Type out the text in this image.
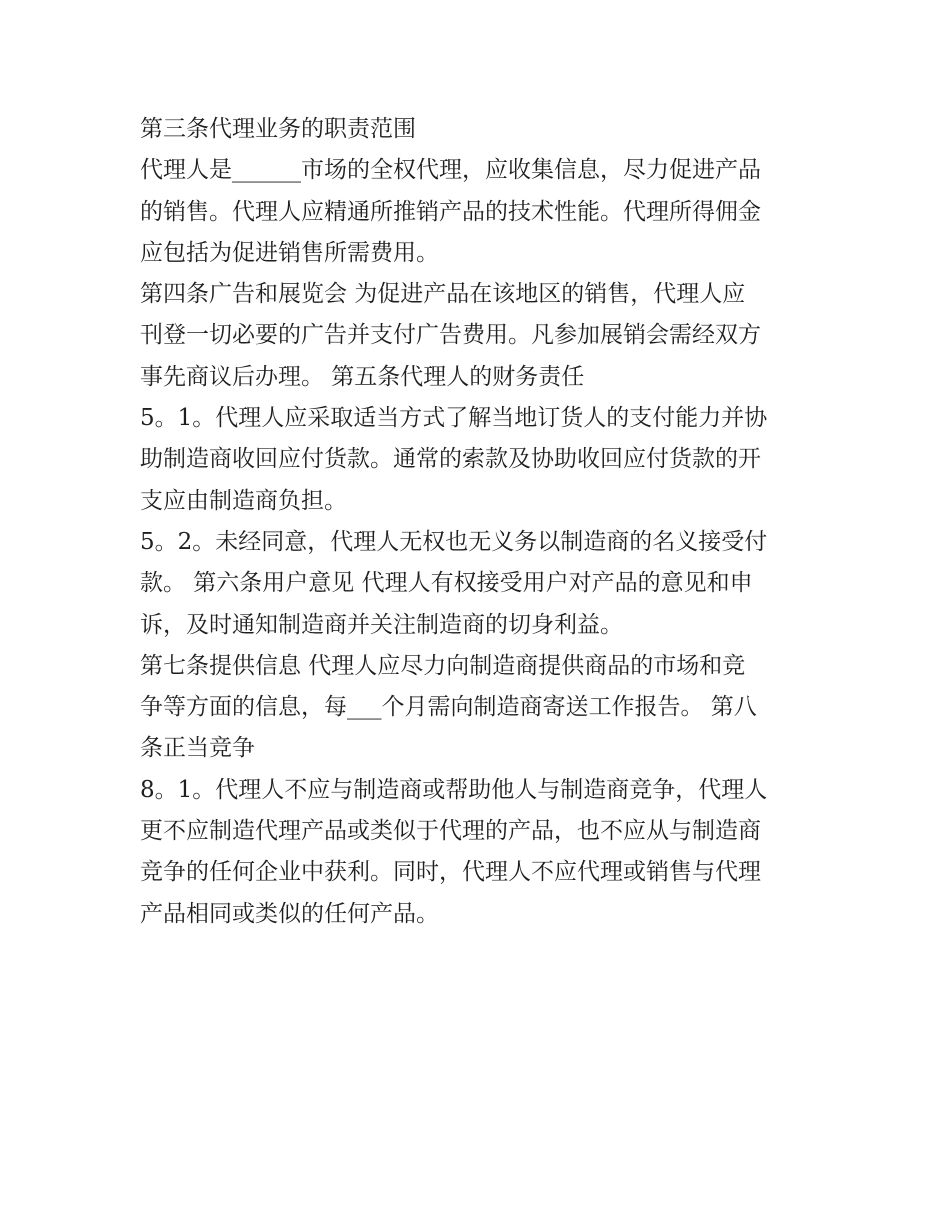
第三条代理业务的职责范围
代理人是______市场的全权代理，应收集信息，尽力促进产品
的销售。代理人应精通所推销产品的技术性能。代理所得佣金
应包括为促进销售所需费用。
第四条广告和展览会 为促进产品在该地区的销售，代理人应
刊登一切必要的广告并支付广告费用。凡参加展销会需经双方
事先商议后办理。 第五条代理人的财务责任
5。1。代理人应采取适当方式了解当地订货人的支付能力并协
助制造商收回应付货款。通常的索款及协助收回应付货款的开
支应由制造商负担。
5。2。未经同意，代理人无权也无义务以制造商的名义接受付
款。 第六条用户意见 代理人有权接受用户对产品的意见和申
诉，及时通知制造商并关注制造商的切身利益。
第七条提供信息 代理人应尽力向制造商提供商品的市场和竞
争等方面的信息，每___个月需向制造商寄送工作报告。 第八
条正当竞争
8。1。代理人不应与制造商或帮助他人与制造商竞争，代理人
更不应制造代理产品或类似于代理的产品，也不应从与制造商
竞争的任何企业中获利。同时，代理人不应代理或销售与代理
产品相同或类似的任何产品。
